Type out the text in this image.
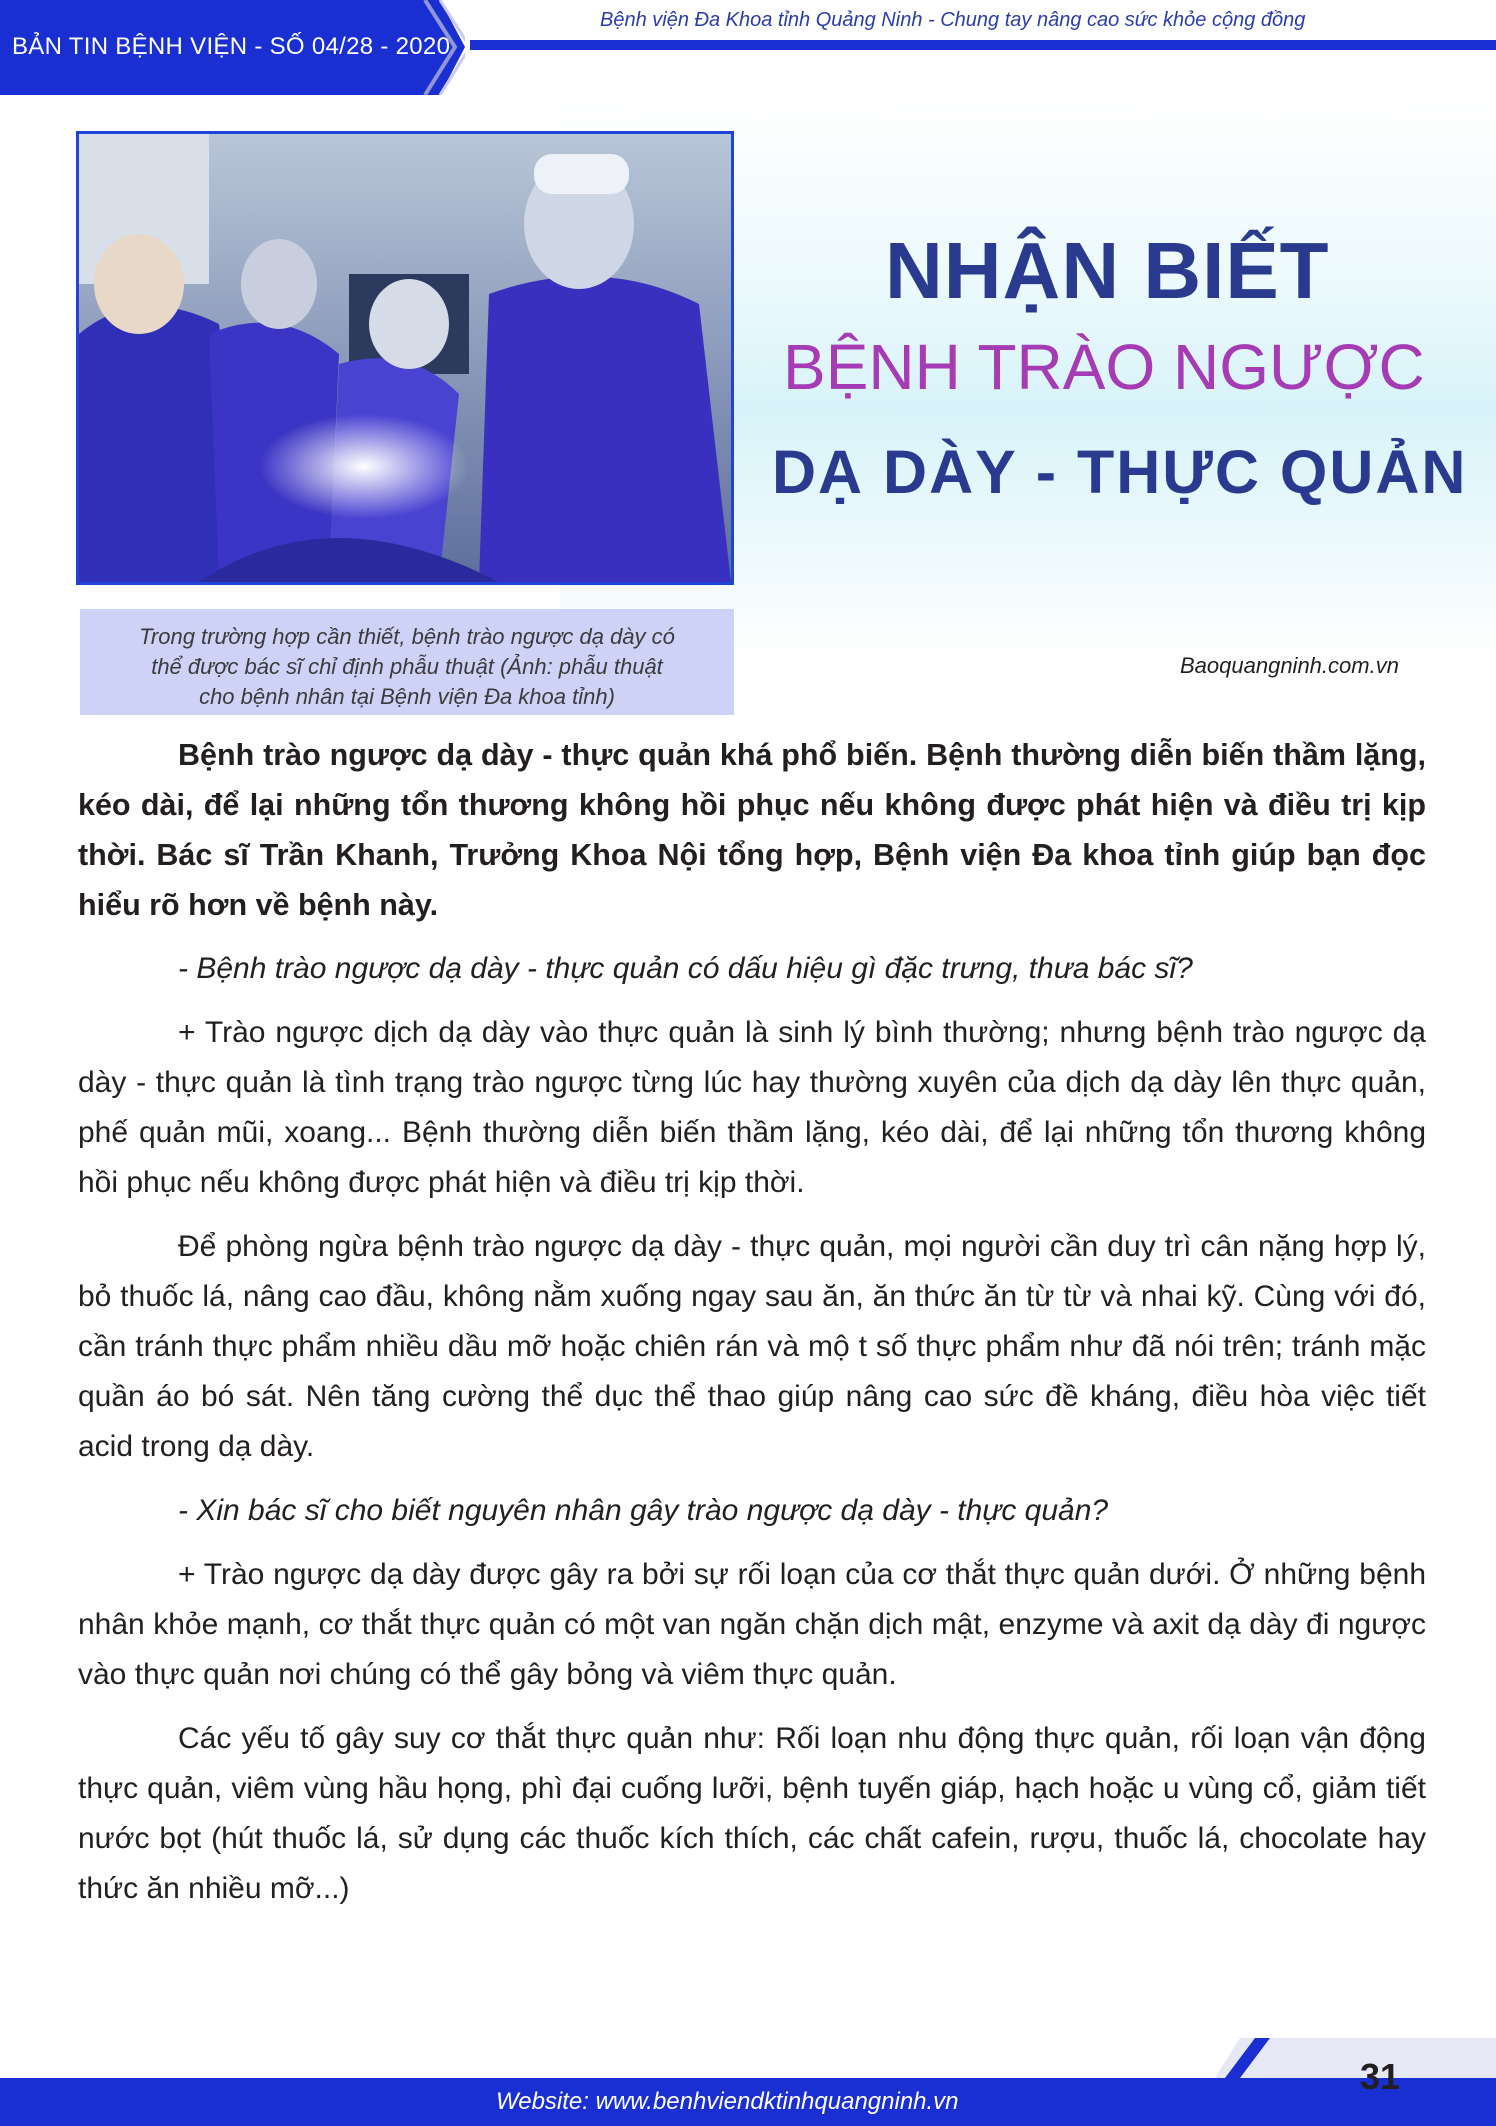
BẢN TIN BỆNH VIỆN - SỐ 04/28 - 2020
Bệnh viện Đa Khoa tỉnh Quảng Ninh - Chung tay nâng cao sức khỏe cộng đồng
Trong trường hợp cần thiết, bệnh trào ngược dạ dày có
thể được bác sĩ chỉ định phẫu thuật (Ảnh: phẫu thuật
cho bệnh nhân tại Bệnh viện Đa khoa tỉnh)
NHẬN BIẾT
BỆNH TRÀO NGƯỢC
DẠ DÀY - THỰC QUẢN
Baoquangninh.com.vn

Bệnh trào ngược dạ dày - thực quản khá phổ biến. Bệnh thường diễn biến thầm lặng, kéo dài, để lại những tổn thương không hồi phục nếu không được phát hiện và điều trị kịp thời. Bác sĩ Trần Khanh, Trưởng Khoa Nội tổng hợp, Bệnh viện Đa khoa tỉnh giúp bạn đọc hiểu rõ hơn về bệnh này.

- Bệnh trào ngược dạ dày - thực quản có dấu hiệu gì đặc trưng, thưa bác sĩ?

+ Trào ngược dịch dạ dày vào thực quản là sinh lý bình thường; nhưng bệnh trào ngược dạ dày - thực quản là tình trạng trào ngược từng lúc hay thường xuyên của dịch dạ dày lên thực quản, phế quản mũi, xoang... Bệnh thường diễn biến thầm lặng, kéo dài, để lại những tổn thương không hồi phục nếu không được phát hiện và điều trị kịp thời.

Để phòng ngừa bệnh trào ngược dạ dày - thực quản, mọi người cần duy trì cân nặng hợp lý, bỏ thuốc lá, nâng cao đầu, không nằm xuống ngay sau ăn, ăn thức ăn từ từ và nhai kỹ. Cùng với đó, cần tránh thực phẩm nhiều dầu mỡ hoặc chiên rán và mộ t số thực phẩm như đã nói trên; tránh mặc quần áo bó sát. Nên tăng cường thể dục thể thao giúp nâng cao sức đề kháng, điều hòa việc tiết acid trong dạ dày.

- Xin bác sĩ cho biết nguyên nhân gây trào ngược dạ dày - thực quản?

+ Trào ngược dạ dày được gây ra bởi sự rối loạn của cơ thắt thực quản dưới. Ở những bệnh nhân khỏe mạnh, cơ thắt thực quản có một van ngăn chặn dịch mật, enzyme và axit dạ dày đi ngược vào thực quản nơi chúng có thể gây bỏng và viêm thực quản.

Các yếu tố gây suy cơ thắt thực quản như: Rối loạn nhu động thực quản, rối loạn vận động thực quản, viêm vùng hầu họng, phì đại cuống lưỡi, bệnh tuyến giáp, hạch hoặc u vùng cổ, giảm tiết nước bọt (hút thuốc lá, sử dụng các thuốc kích thích, các chất cafein, rượu, thuốc lá, chocolate hay thức ăn nhiều mỡ...)

Website: www.benhviendktinhquangninh.vn
31
